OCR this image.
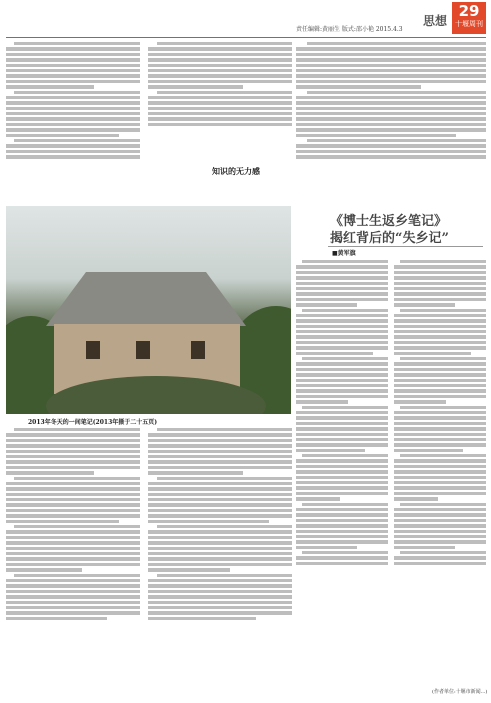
责任编辑:黄丽生 版式:邵小艳 2015.4.3
思想
29
十堰周刊
知识的无力感
2013年冬天的一间笔记(2013年摄于二十五页)
《博士生返乡笔记》
揭红背后的“失乡记”
■黄军旗
(作者单位:十堰市新闻...)
